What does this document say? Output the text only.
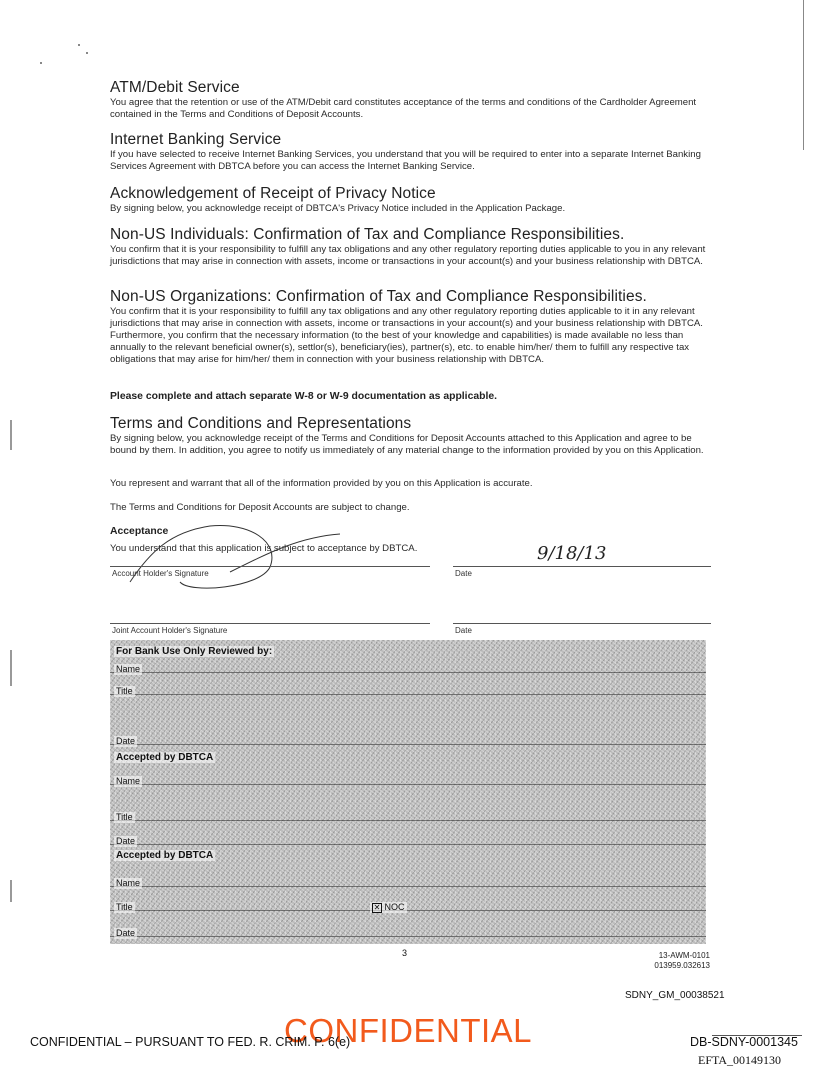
ATM/Debit Service

You agree that the retention or use of the ATM/Debit card constitutes acceptance of the terms and conditions of the Cardholder Agreement contained in the Terms and Conditions of Deposit Accounts.

Internet Banking Service

If you have selected to receive Internet Banking Services, you understand that you will be required to enter into a separate Internet Banking Services Agreement with DBTCA before you can access the Internet Banking Service.

Acknowledgement of Receipt of Privacy Notice

By signing below, you acknowledge receipt of DBTCA's Privacy Notice included in the Application Package.

Non-US Individuals: Confirmation of Tax and Compliance Responsibilities.

You confirm that it is your responsibility to fulfill any tax obligations and any other regulatory reporting duties applicable to you in any relevant jurisdictions that may arise in connection with assets, income or transactions in your account(s) and your business relationship with DBTCA.

Non-US Organizations: Confirmation of Tax and Compliance Responsibilities.

You confirm that it is your responsibility to fulfill any tax obligations and any other regulatory reporting duties applicable to it in any relevant jurisdictions that may arise in connection with assets, income or transactions in your account(s) and your business relationship with DBTCA. Furthermore, you confirm that the necessary information (to the best of your knowledge and capabilities) is made available no less than annually to the relevant beneficial owner(s), settlor(s), beneficiary(ies), partner(s), etc. to enable him/her/ them to fulfill any respective tax obligations that may arise for him/her/ them in connection with your business relationship with DBTCA.

Please complete and attach separate W-8 or W-9 documentation as applicable.

Terms and Conditions and Representations

By signing below, you acknowledge receipt of the Terms and Conditions for Deposit Accounts attached to this Application and agree to be bound by them. In addition, you agree to notify us immediately of any material change to the information provided by you on this Application.

You represent and warrant that all of the information provided by you on this Application is accurate.

The Terms and Conditions for Deposit Accounts are subject to change.

Acceptance

You understand that this application is subject to acceptance by DBTCA.

Account Holder's Signature	Date
9/18/13
Joint Account Holder's Signature	Date
For Bank Use Only Reviewed by:
Name
Title
Date
Accepted by DBTCA
Name
Title
Date
Accepted by DBTCA
Name
Title	✕ NOC
Date
3	13-AWM-0101
013959.032613
SDNY_GM_00038521
CONFIDENTIAL
CONFIDENTIAL – PURSUANT TO FED. R. CRIM. P. 6(e)	DB-SDNY-0001345
EFTA_00149130
